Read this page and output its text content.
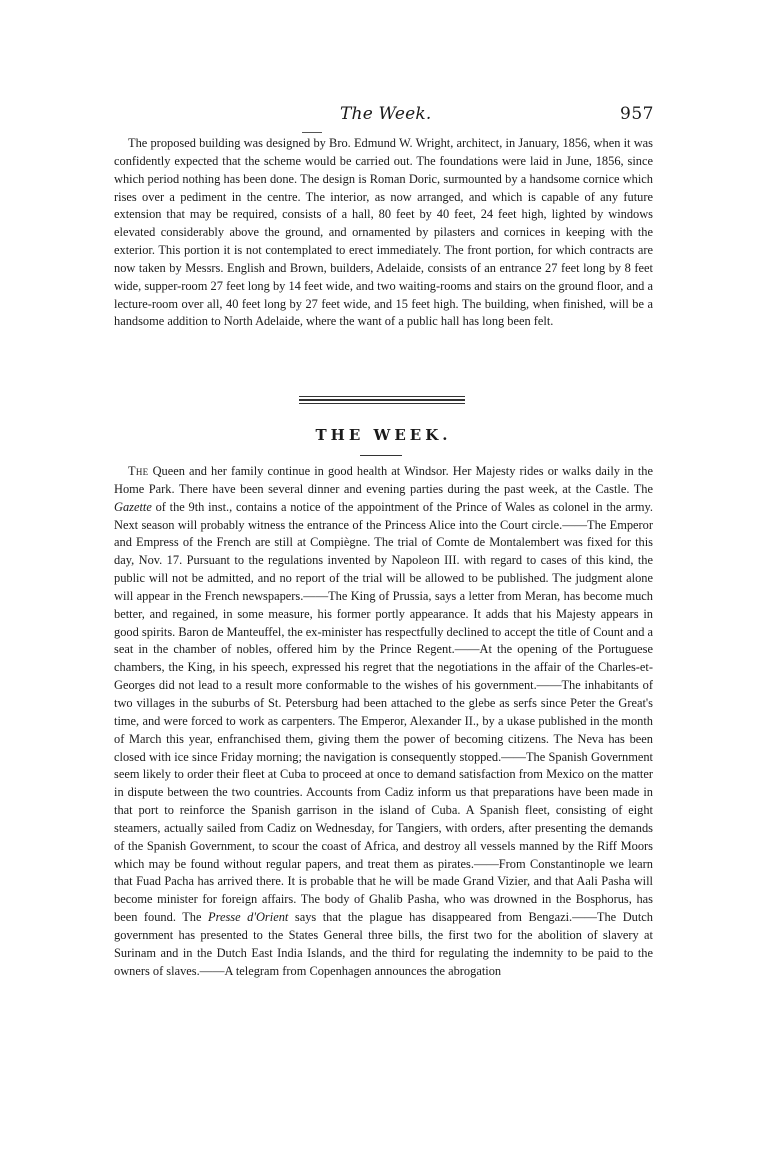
The Week.	957

The proposed building was designed by Bro. Edmund W. Wright, architect, in January, 1856, when it was confidently expected that the scheme would be carried out. The foundations were laid in June, 1856, since which period nothing has been done. The design is Roman Doric, surmounted by a handsome cornice which rises over a pediment in the centre. The interior, as now arranged, and which is capable of any future extension that may be required, consists of a hall, 80 feet by 40 feet, 24 feet high, lighted by windows elevated considerably above the ground, and ornamented by pilasters and cornices in keeping with the exterior. This portion it is not contemplated to erect immediately. The front portion, for which contracts are now taken by Messrs. English and Brown, builders, Adelaide, consists of an entrance 27 feet long by 8 feet wide, supper-room 27 feet long by 14 feet wide, and two waiting-rooms and stairs on the ground floor, and a lecture-room over all, 40 feet long by 27 feet wide, and 15 feet high. The building, when finished, will be a handsome addition to North Adelaide, where the want of a public hall has long been felt.

THE WEEK.

The Queen and her family continue in good health at Windsor. Her Majesty rides or walks daily in the Home Park. There have been several dinner and evening parties during the past week, at the Castle. The Gazette of the 9th inst., contains a notice of the appointment of the Prince of Wales as colonel in the army. Next season will probably witness the entrance of the Princess Alice into the Court circle.——The Emperor and Empress of the French are still at Compiègne. The trial of Comte de Montalembert was fixed for this day, Nov. 17. Pursuant to the regulations invented by Napoleon III. with regard to cases of this kind, the public will not be admitted, and no report of the trial will be allowed to be published. The judgment alone will appear in the French newspapers.——The King of Prussia, says a letter from Meran, has become much better, and regained, in some measure, his former portly appearance. It adds that his Majesty appears in good spirits. Baron de Manteuffel, the ex-minister has respectfully declined to accept the title of Count and a seat in the chamber of nobles, offered him by the Prince Regent.——At the opening of the Portuguese chambers, the King, in his speech, expressed his regret that the negotiations in the affair of the Charles-et-Georges did not lead to a result more conformable to the wishes of his government.——The inhabitants of two villages in the suburbs of St. Petersburg had been attached to the glebe as serfs since Peter the Great's time, and were forced to work as carpenters. The Emperor, Alexander II., by a ukase published in the month of March this year, enfranchised them, giving them the power of becoming citizens. The Neva has been closed with ice since Friday morning; the navigation is consequently stopped.——The Spanish Government seem likely to order their fleet at Cuba to proceed at once to demand satisfaction from Mexico on the matter in dispute between the two countries. Accounts from Cadiz inform us that preparations have been made in that port to reinforce the Spanish garrison in the island of Cuba. A Spanish fleet, consisting of eight steamers, actually sailed from Cadiz on Wednesday, for Tangiers, with orders, after presenting the demands of the Spanish Government, to scour the coast of Africa, and destroy all vessels manned by the Riff Moors which may be found without regular papers, and treat them as pirates.——From Constantinople we learn that Fuad Pacha has arrived there. It is probable that he will be made Grand Vizier, and that Aali Pasha will become minister for foreign affairs. The body of Ghalib Pasha, who was drowned in the Bosphorus, has been found. The Presse d'Orient says that the plague has disappeared from Bengazi.——The Dutch government has presented to the States General three bills, the first two for the abolition of slavery at Surinam and in the Dutch East India Islands, and the third for regulating the indemnity to be paid to the owners of slaves.——A telegram from Copenhagen announces the abrogation
